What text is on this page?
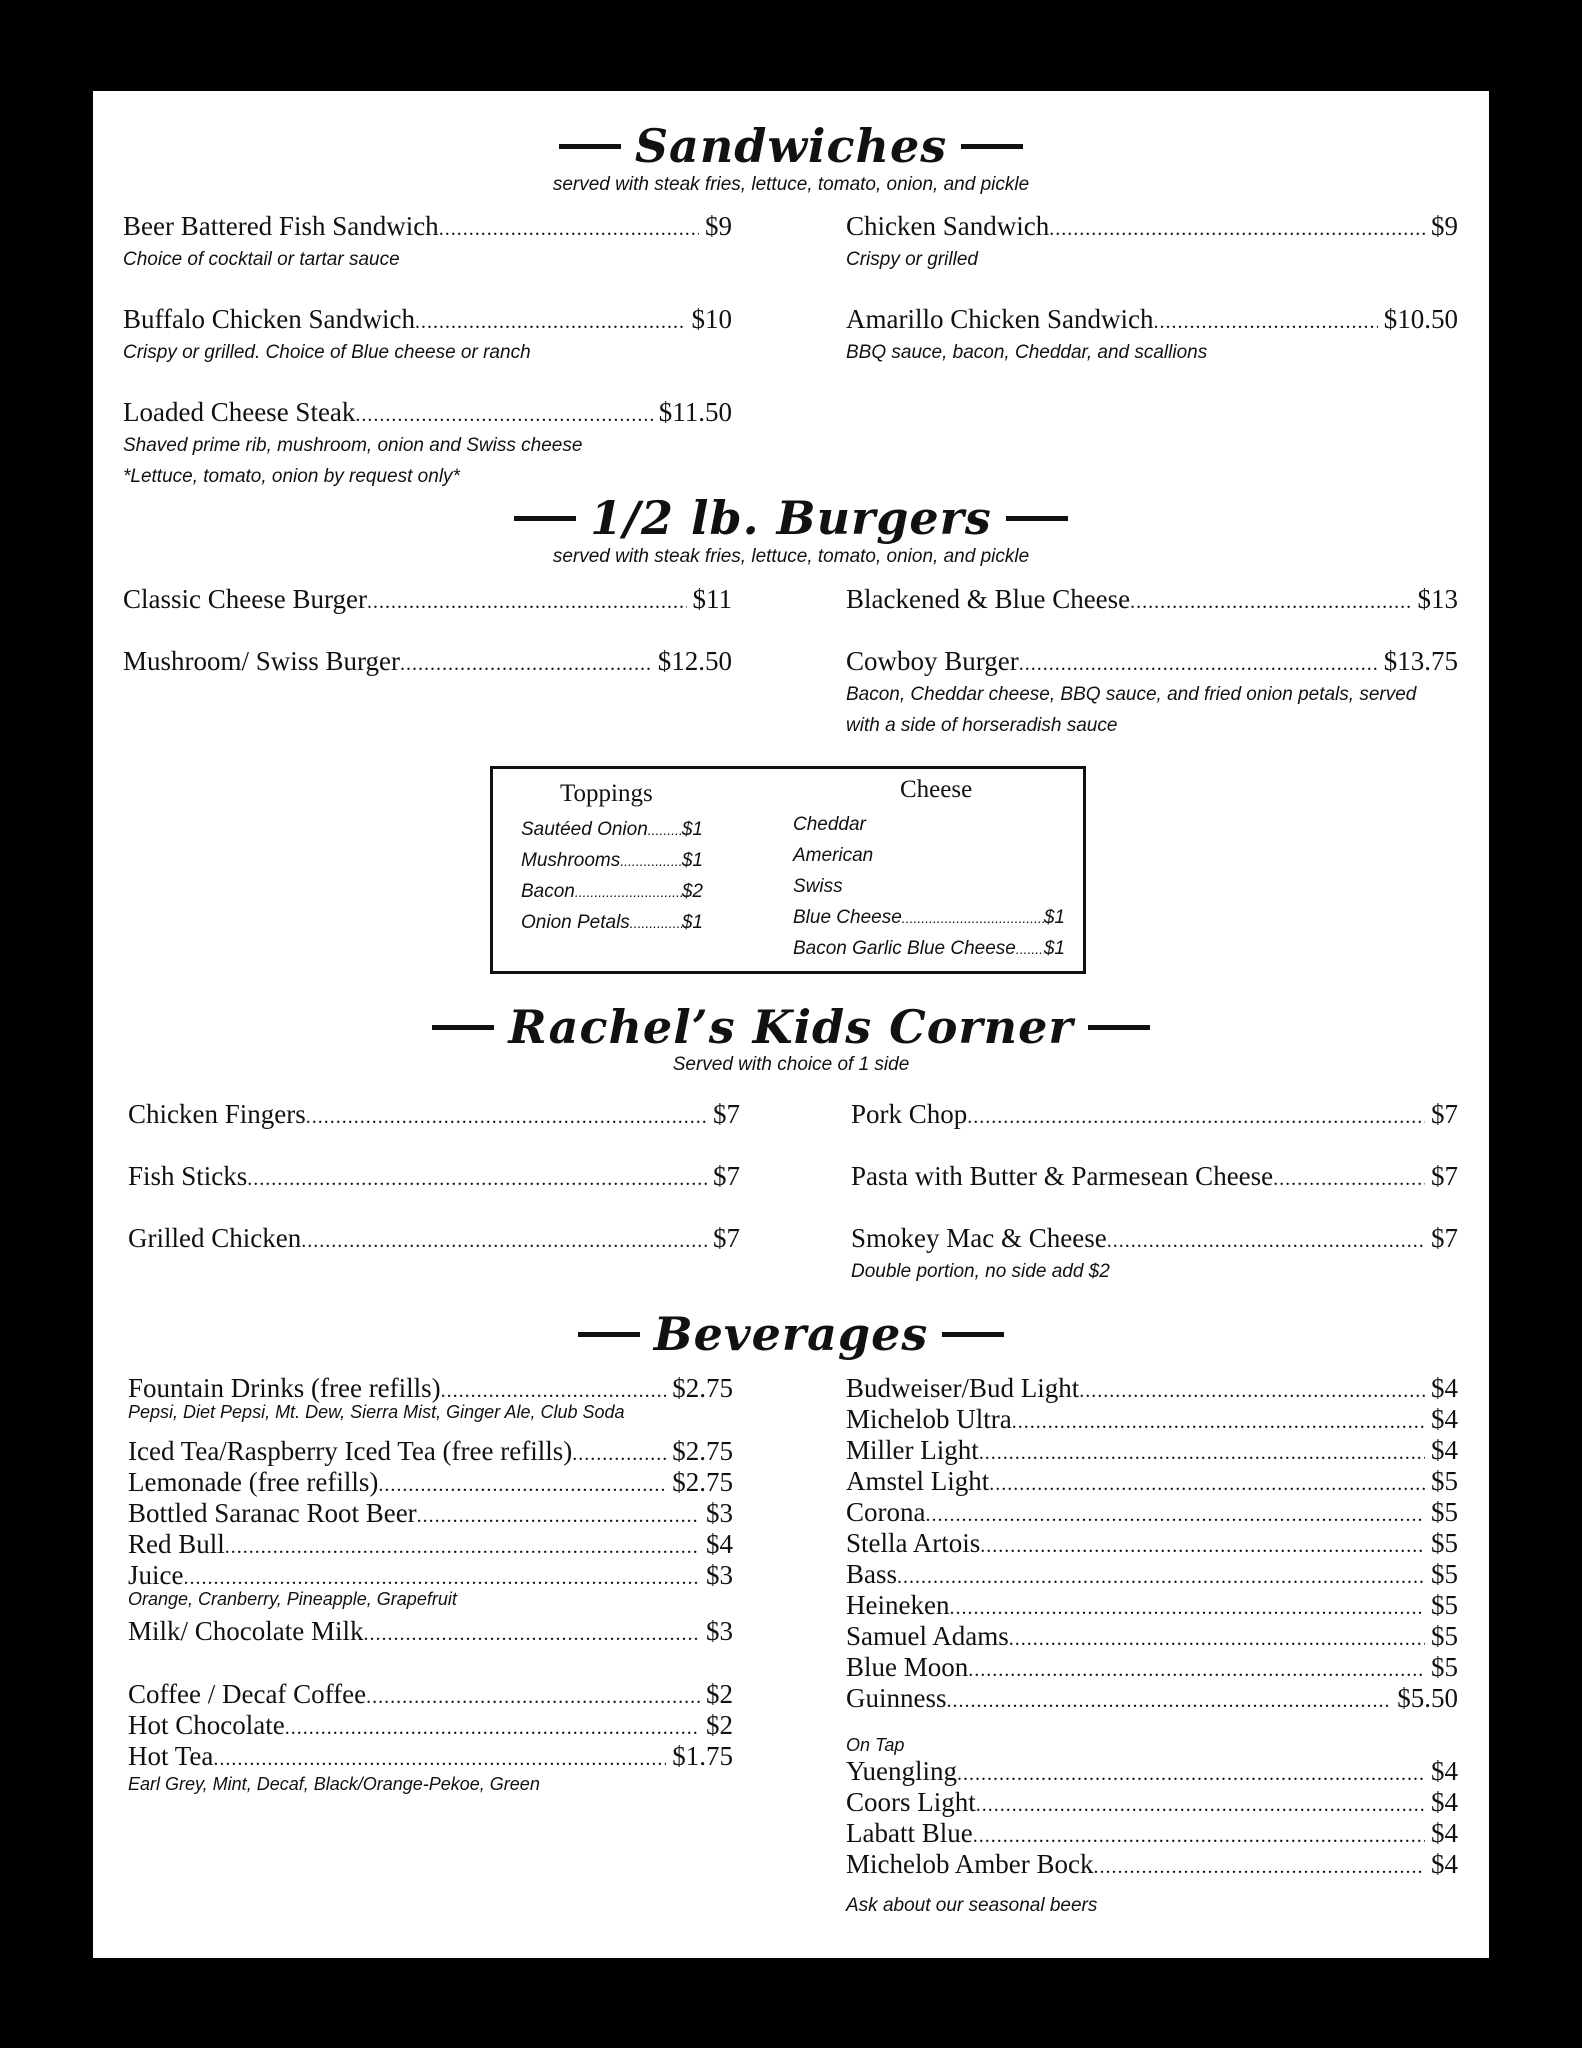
Sandwiches
served with steak fries, lettuce, tomato, onion, and pickle
Beer Battered Fish Sandwich .....	$9
Choice of cocktail or tartar sauce
Chicken Sandwich .....	$9
Crispy or grilled
Buffalo Chicken Sandwich .....	$10
Crispy or grilled. Choice of Blue cheese or ranch
Amarillo Chicken Sandwich .....	$10.50
BBQ sauce, bacon, Cheddar, and scallions
Loaded Cheese Steak .....	$11.50
Shaved prime rib, mushroom, onion and Swiss cheese
*Lettuce, tomato, onion by request only*
1/2 lb. Burgers
served with steak fries, lettuce, tomato, onion, and pickle
Classic Cheese Burger .....	$11	Blackened & Blue Cheese .....	$13
Mushroom/ Swiss Burger .....	$12.50	Cowboy Burger .....	$13.75
Bacon, Cheddar cheese, BBQ sauce, and fried onion petals, served
with a side of horseradish sauce
Toppings	Cheese
Sautéed Onion ..... $1
Mushrooms .....	$1
Bacon .....	$2
Onion Petals .....	$1
Cheddar
American
Swiss
Blue Cheese .....	$1
Bacon Garlic Blue Cheese ..... $1
Rachel’s Kids Corner
Served with choice of 1 side
Chicken Fingers .....	$7	Pork Chop .....	$7
Fish Sticks .....	$7	Pasta with Butter & Parmesean Cheese .....	$7
Grilled Chicken .....	$7	Smokey Mac & Cheese .....	$7
Double portion, no side add $2
Beverages
Fountain Drinks (free refills) .....	$2.75
Pepsi, Diet Pepsi, Mt. Dew, Sierra Mist, Ginger Ale, Club Soda
Iced Tea/Raspberry Iced Tea (free refills) .....	$2.75
Lemonade (free refills) .....	$2.75
Bottled Saranac Root Beer .....	$3
Red Bull .....	$4
Juice .....	$3
Orange, Cranberry, Pineapple, Grapefruit
Milk/ Chocolate Milk .....	$3
Coffee / Decaf Coffee .....	$2
Hot Chocolate .....	$2
Hot Tea .....	$1.75
Earl Grey, Mint, Decaf, Black/Orange-Pekoe, Green
Budweiser/Bud Light .....	$4
Michelob Ultra .....	$4
Miller Light .....	$4
Amstel Light .....	$5
Corona .....	$5
Stella Artois .....	$5
Bass .....	$5
Heineken .....	$5
Samuel Adams .....	$5
Blue Moon .....	$5
Guinness .....	$5.50
On Tap
Yuengling .....	$4
Coors Light .....	$4
Labatt Blue .....	$4
Michelob Amber Bock .....	$4
Ask about our seasonal beers
